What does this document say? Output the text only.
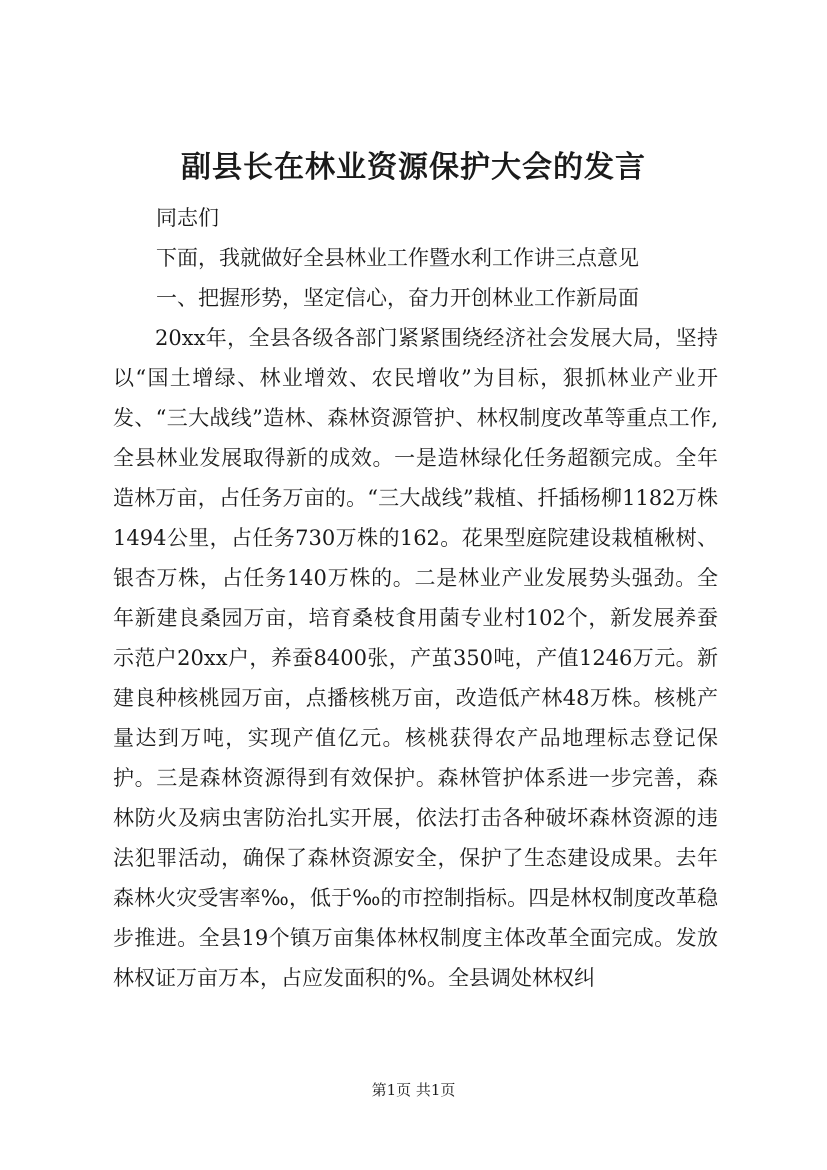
副县长在林业资源保护大会的发言
同志们
下面，我就做好全县林业工作暨水利工作讲三点意见
一、把握形势，坚定信心，奋力开创林业工作新局面

20xx年，全县各级各部门紧紧围绕经济社会发展大局，坚持以“国土增绿、林业增效、农民增收”为目标，狠抓林业产业开发、“三大战线”造林、森林资源管护、林权制度改革等重点工作,全县林业发展取得新的成效。一是造林绿化任务超额完成。全年造林万亩，占任务万亩的。“三大战线”栽植、扦插杨柳1182万株1494公里，占任务730万株的162。花果型庭院建设栽植楸树、银杏万株，占任务140万株的。二是林业产业发展势头强劲。全年新建良桑园万亩，培育桑枝食用菌专业村102个，新发展养蚕示范户20xx户，养蚕8400张，产茧350吨，产值1246万元。新建良种核桃园万亩，点播核桃万亩，改造低产林48万株。核桃产量达到万吨，实现产值亿元。核桃获得农产品地理标志登记保护。三是森林资源得到有效保护。森林管护体系进一步完善，森林防火及病虫害防治扎实开展，依法打击各种破坏森林资源的违法犯罪活动，确保了森林资源安全，保护了生态建设成果。去年森林火灾受害率‰，低于‰的市控制指标。四是林权制度改革稳步推进。全县19个镇万亩集体林权制度主体改革全面完成。发放林权证万亩万本，占应发面积的%。全县调处林权纠

第1页 共1页
